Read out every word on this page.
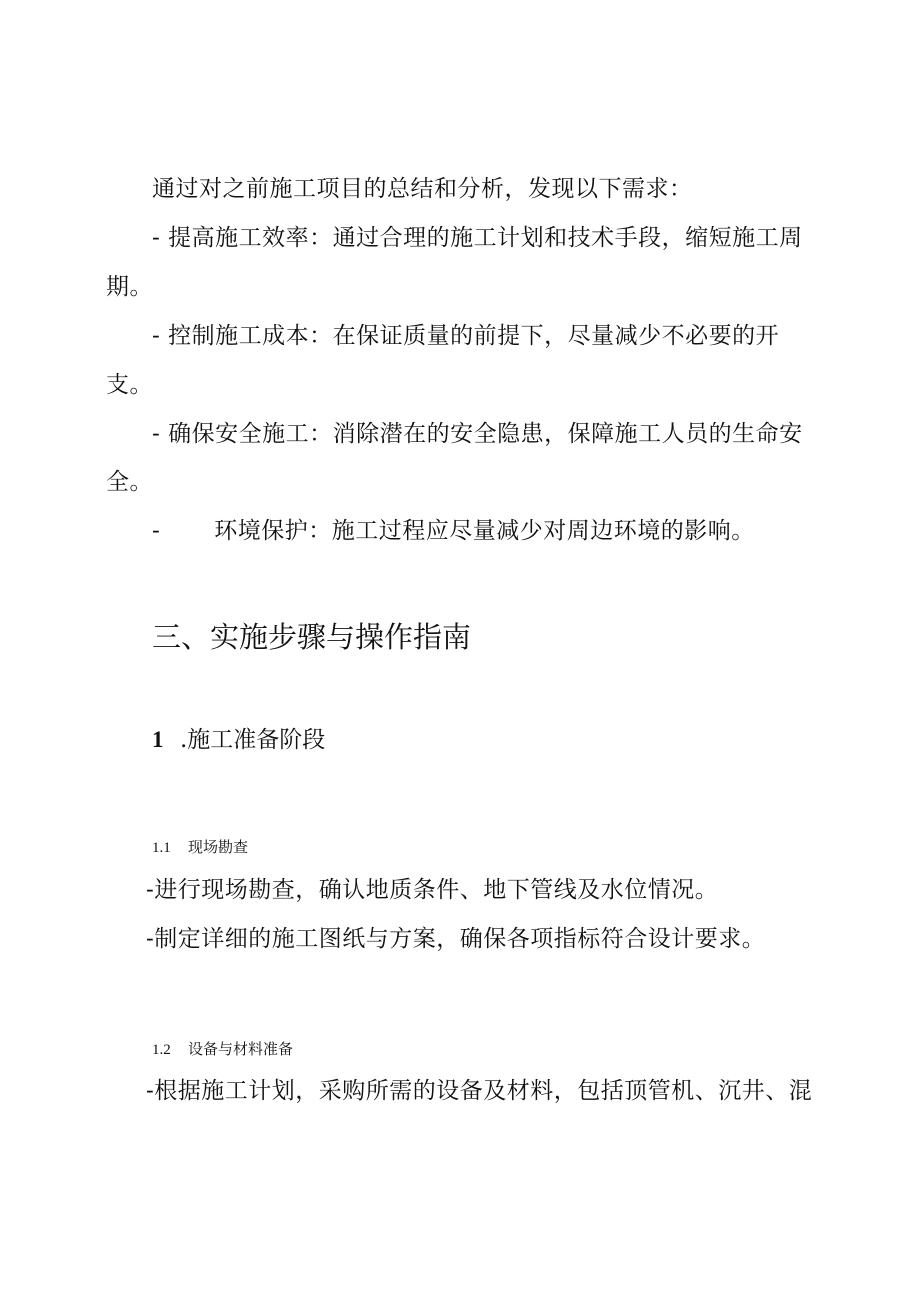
通过对之前施工项目的总结和分析，发现以下需求：
- 提高施工效率：通过合理的施工计划和技术手段，缩短施工周
期。
- 控制施工成本：在保证质量的前提下，尽量减少不必要的开
支。
- 确保安全施工：消除潜在的安全隐患，保障施工人员的生命安
全。
- 环境保护：施工过程应尽量减少对周边环境的影响。
三、实施步骤与操作指南
1 .施工准备阶段
1.1 现场勘查
-进行现场勘查，确认地质条件、地下管线及水位情况。
-制定详细的施工图纸与方案，确保各项指标符合设计要求。
1.2 设备与材料准备
-根据施工计划，采购所需的设备及材料，包括顶管机、沉井、混
